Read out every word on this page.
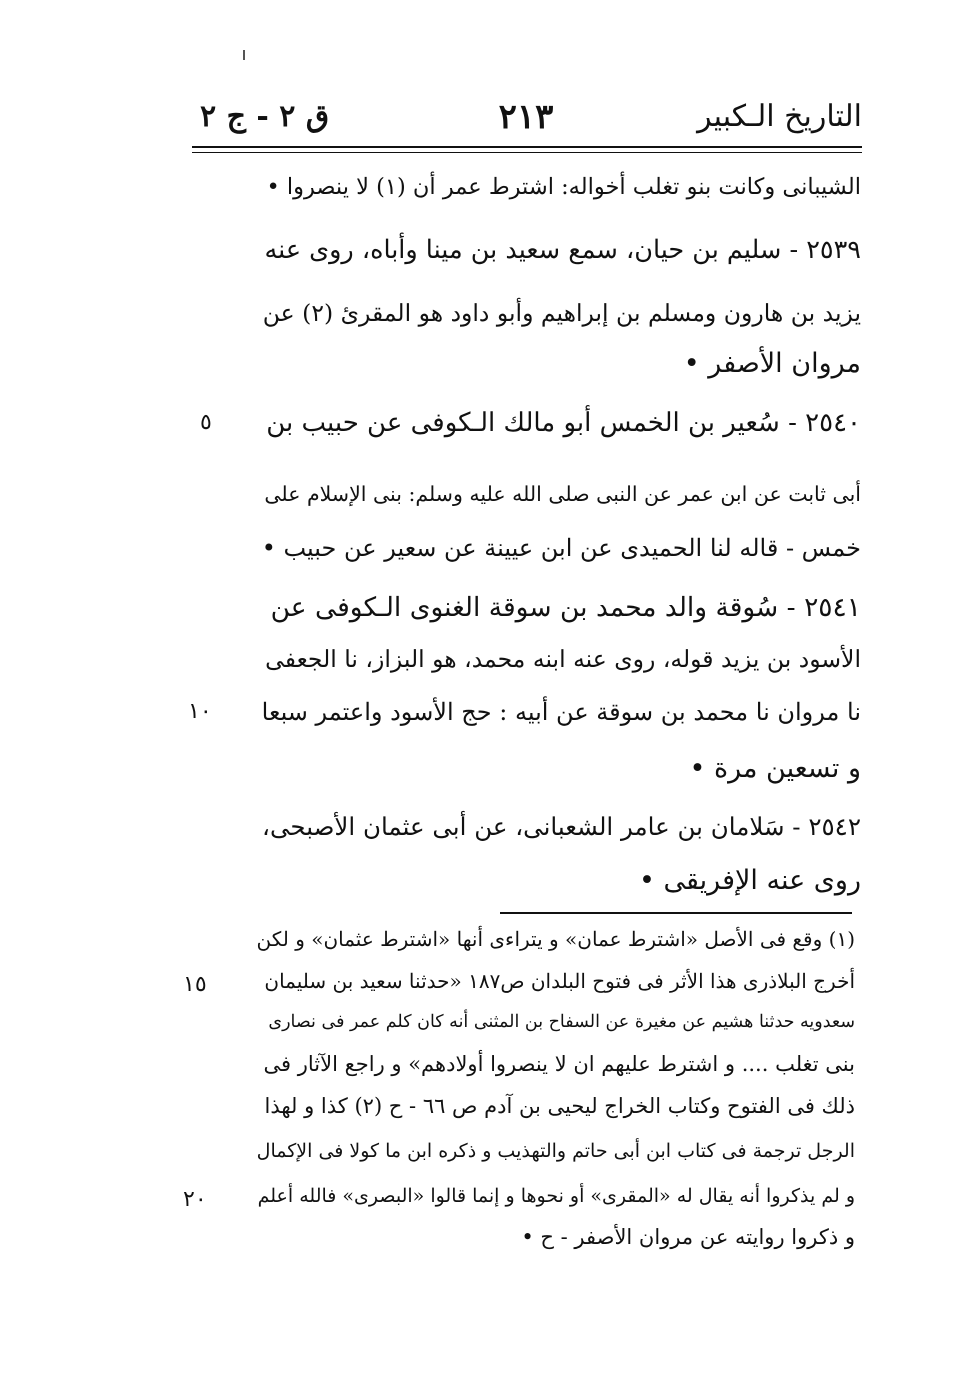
التاريخ الـكبير
٢١٣
ق ٢ - ج ٢
الشيبانى وكانت بنو تغلب أخواله: اشترط عمر أن (١) لا ينصروا •
٢٥٣٩ - سليم بن حيان، سمع سعيد بن مينا وأباه، روى عنه
يزيد بن هارون ومسلم بن إبراهيم وأبو داود هو المقرئ (٢) عن
مروان الأصفر •
٢٥٤٠ - سُعير بن الخمس أبو مالك الـكوفى عن حبيب بن
أبى ثابت عن ابن عمر عن النبى صلى الله عليه وسلم: بنى الإسلام على
خمس - قاله لنا الحميدى عن ابن عيينة عن سعير عن حبيب •
٢٥٤١ - سُوقة والد محمد بن سوقة الغنوى الـكوفى عن
الأسود بن يزيد قوله، روى عنه ابنه محمد، هو البزاز، نا الجعفى
نا مروان نا محمد بن سوقة عن أبيه : حج الأسود واعتمر سبعا
و تسعين مرة •
٢٥٤٢ - سَلامان بن عامر الشعبانى، عن أبى عثمان الأصبحى،
روى عنه الإفريقى •
٥
١٠
١٥
٢٠
(١) وقع فى الأصل «اشترط عمان» و يتراءى أنها «اشترط عثمان» و لكن
أخرج البلاذرى هذا الأثر فى فتوح البلدان ص١٨٧ «حدثنا سعيد بن سليمان
سعدويه حدثنا هشيم عن مغيرة عن السفاح بن المثنى أنه كان كلم عمر فى نصارى
بنى تغلب .... و اشترط عليهم ان لا ينصروا أولادهم» و راجع الآثار فى
ذلك فى الفتوح وكتاب الخراج ليحيى بن آدم ص ٦٦ - ح (٢) كذا و لهذا
الرجل ترجمة فى كتاب ابن أبى حاتم والتهذيب و ذكره ابن ما كولا فى الإكمال
و لم يذكروا أنه يقال له «المقرى» أو نحوها و إنما قالوا «البصرى» فالله أعلم
و ذكروا روايته عن مروان الأصفر - ح •
